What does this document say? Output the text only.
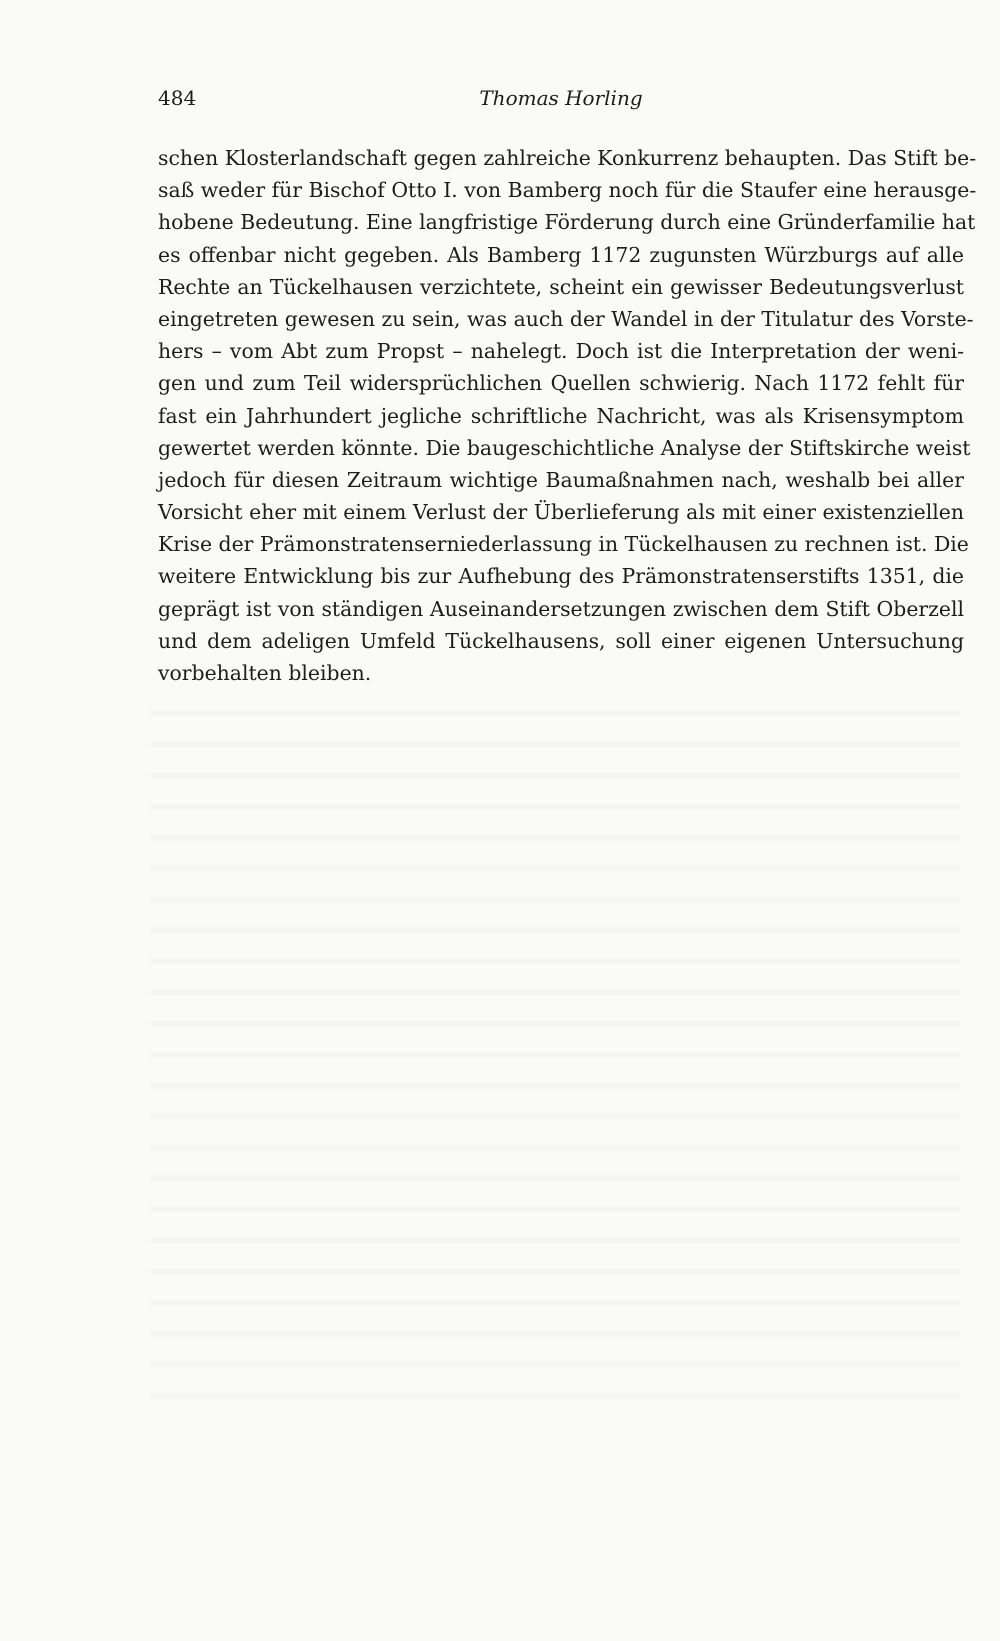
484	Thomas Horling
schen Klosterlandschaft gegen zahlreiche Konkurrenz behaupten. Das Stift be-
saß weder für Bischof Otto I. von Bamberg noch für die Staufer eine herausge-
hobene Bedeutung. Eine langfristige Förderung durch eine Gründerfamilie hat
es offenbar nicht gegeben. Als Bamberg 1172 zugunsten Würzburgs auf alle
Rechte an Tückelhausen verzichtete, scheint ein gewisser Bedeutungsverlust
eingetreten gewesen zu sein, was auch der Wandel in der Titulatur des Vorste-
hers – vom Abt zum Propst – nahelegt. Doch ist die Interpretation der weni-
gen und zum Teil widersprüchlichen Quellen schwierig. Nach 1172 fehlt für
fast ein Jahrhundert jegliche schriftliche Nachricht, was als Krisensymptom
gewertet werden könnte. Die baugeschichtliche Analyse der Stiftskirche weist
jedoch für diesen Zeitraum wichtige Baumaßnahmen nach, weshalb bei aller
Vorsicht eher mit einem Verlust der Überlieferung als mit einer existenziellen
Krise der Prämonstratenserniederlassung in Tückelhausen zu rechnen ist. Die
weitere Entwicklung bis zur Aufhebung des Prämonstratenserstifts 1351, die
geprägt ist von ständigen Auseinandersetzungen zwischen dem Stift Oberzell
und dem adeligen Umfeld Tückelhausens, soll einer eigenen Untersuchung
vorbehalten bleiben.
